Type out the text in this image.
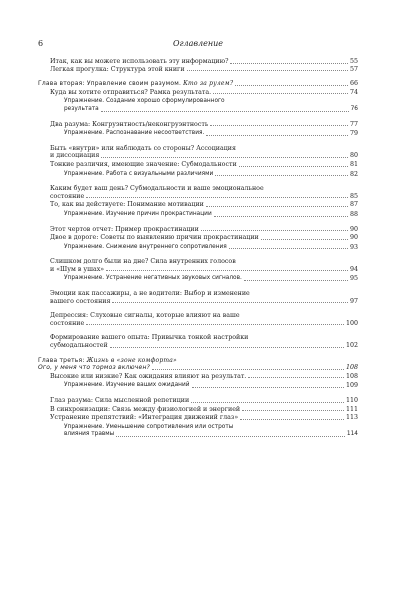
6	Оглавление
Итак, как вы можете использовать эту информацию?	55
Легкая прогулка: Структура этой книги	57
Глава вторая: Управление своим разумом. Кто за рулем?	66
Куда вы хотите отправиться? Рамка результата.	74
Упражнение. Создание хорошо сформулированного
результата	76
Два разума: Конгруэнтность/неконгруэнтность	77
Упражнение. Распознавание несоответствия.	79
Быть «внутри» или наблюдать со стороны? Ассоциация
и диссоциация	80
Тонкие различия, имеющие значение: Субмодальности	81
Упражнение. Работа с визуальными различиями	82
Каким будет ваш день? Субмодальности и ваше эмоциональное
состояние	85
То, как вы действуете: Понимание мотивации	87
Упражнение. Изучение причин прокрастинации	88
Этот чертов отчет: Пример прокрастинации	90
Двое в дороге: Советы по выявлению причин прокрастинации	90
Упражнение. Снижение внутреннего сопротивления	93
Слишком долго были на дне? Сила внутренних голосов
и «Шум в ушах»	94
Упражнение. Устранение негативных звуковых сигналов.	95
Эмоции как пассажиры, а не водители: Выбор и изменение
вашего состояния	97
Депрессия: Слуховые сигналы, которые влияют на ваше
состояние	100
Формирование вашего опыта: Привычка тонкой настройки
субмодальностей	102
Глава третья: Жизнь в «зоне комфорта»
Ого, у меня что тормоз включен?	108
Высокие или низкие? Как ожидания влияют на результат.	108
Упражнение. Изучение ваших ожиданий	109
Глаз разума: Сила мысленной репетиции	110
В синхронизации: Связь между физиологией и энергией	111
Устранение препятствий: «Интеграция движений глаз»	113
Упражнение. Уменьшение сопротивления или остроты
влияния травмы	114
